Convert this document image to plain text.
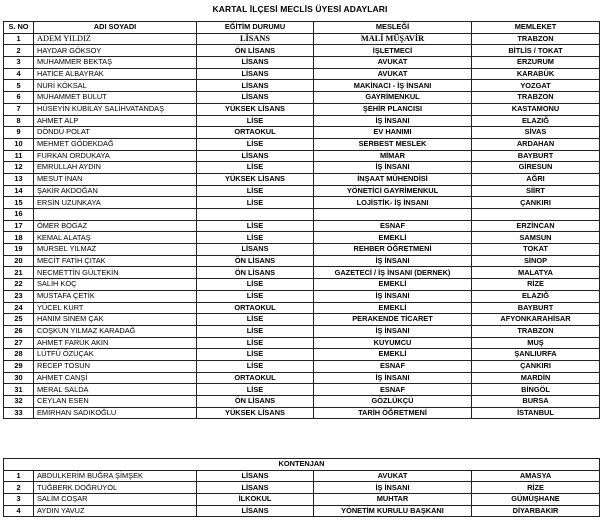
KARTAL İLÇESİ MECLİS ÜYESİ ADAYLARI
S. NO	ADI SOYADI	EĞİTİM DURUMU	MESLEĞİ	MEMLEKET
1	ADEM YILDIZ	LİSANS	MALİ MÜŞAVİR	TRABZON
2	HAYDAR GÖKSOY	ÖN LİSANS	İŞLETMECİ	BİTLİS / TOKAT
3	MUHAMMER BEKTAŞ	LİSANS	AVUKAT	ERZURUM
4	HATİCE ALBAYRAK	LİSANS	AVUKAT	KARABÜK
5	NURİ KÖKSAL	LİSANS	MAKİNACI - İŞ İNSANI	YOZGAT
6	MUHAMMET BULUT	LİSANS	GAYRİMENKUL	TRABZON
7	HÜSEYİN KUBİLAY SALİHVATANDAŞ	YÜKSEK LİSANS	ŞEHİR PLANCISI	KASTAMONU
8	AHMET ALP	LİSE	İŞ İNSANI	ELAZIĞ
9	DÖNDÜ POLAT	ORTAOKUL	EV HANIMI	SİVAS
10	MEHMET GÖDEKDAĞ	LİSE	SERBEST MESLEK	ARDAHAN
11	FURKAN ORDUKAYA	LİSANS	MİMAR	BAYBURT
12	EMRULLAH AYDIN	LİSE	İŞ İNSANI	GİRESUN
13	MESUT İNAN	YÜKSEK LİSANS	İNŞAAT MÜHENDİSİ	AĞRI
14	ŞAKİR AKDOĞAN	LİSE	YÖNETİCİ GAYRİMENKUL	SİİRT
15	ERSİN UZUNKAYA	LİSE	LOJİSTİK- İŞ İNSANI	ÇANKIRI
16				
17	ÖMER BOGAZ	LİSE	ESNAF	ERZİNCAN
18	KEMAL ALATAŞ	LİSE	EMEKLİ	SAMSUN
19	MÜRSEL YILMAZ	LİSANS	REHBER ÖĞRETMENİ	TOKAT
20	MECİT FATİH ÇITAK	ÖN LİSANS	İŞ İNSANI	SİNOP
21	NECMETTİN GÜLTEKİN	ÖN LİSANS	GAZETECİ / İŞ İNSANI (DERNEK)	MALATYA
22	SALİH KOÇ	LİSE	EMEKLİ	RİZE
23	MUSTAFA ÇETİK	LİSE	İŞ İNSANI	ELAZIĞ
24	YÜCEL KURT	ORTAOKUL	EMEKLİ	BAYBURT
25	HANIM SİNEM ÇAK	LİSE	PERAKENDE TİCARET	AFYONKARAHİSAR
26	COŞKUN YILMAZ KARADAĞ	LİSE	İŞ İNSANI	TRABZON
27	AHMET FARUK AKIN	LİSE	KUYUMCU	MUŞ
28	LÜTFÜ ÖZUÇAK	LİSE	EMEKLİ	ŞANLIURFA
29	RECEP TOSUN	LİSE	ESNAF	ÇANKIRI
30	AHMET CANŞİ	ORTAOKUL	İŞ İNSANI	MARDİN
31	MERAL SALDA	LİSE	ESNAF	BİNGÖL
32	CEYLAN ESEN	ÖN LİSANS	GÖZLÜKÇÜ	BURSA
33	EMİRHAN SADIKOĞLU	YÜKSEK LİSANS	TARİH ÖĞRETMENİ	İSTANBUL
KONTENJAN				
1	ABDULKERİM BUĞRA ŞİMŞEK	LİSANS	AVUKAT	AMASYA
2	TUĞBERK DOĞRUYOL	LİSANS	İŞ İNSANI	RİZE
3	SALİM COŞAR	İLKOKUL	MUHTAR	GÜMÜŞHANE
4	AYDIN YAVUZ	LİSANS	YÖNETİM KURULU BAŞKANI	DİYARBAKIR
